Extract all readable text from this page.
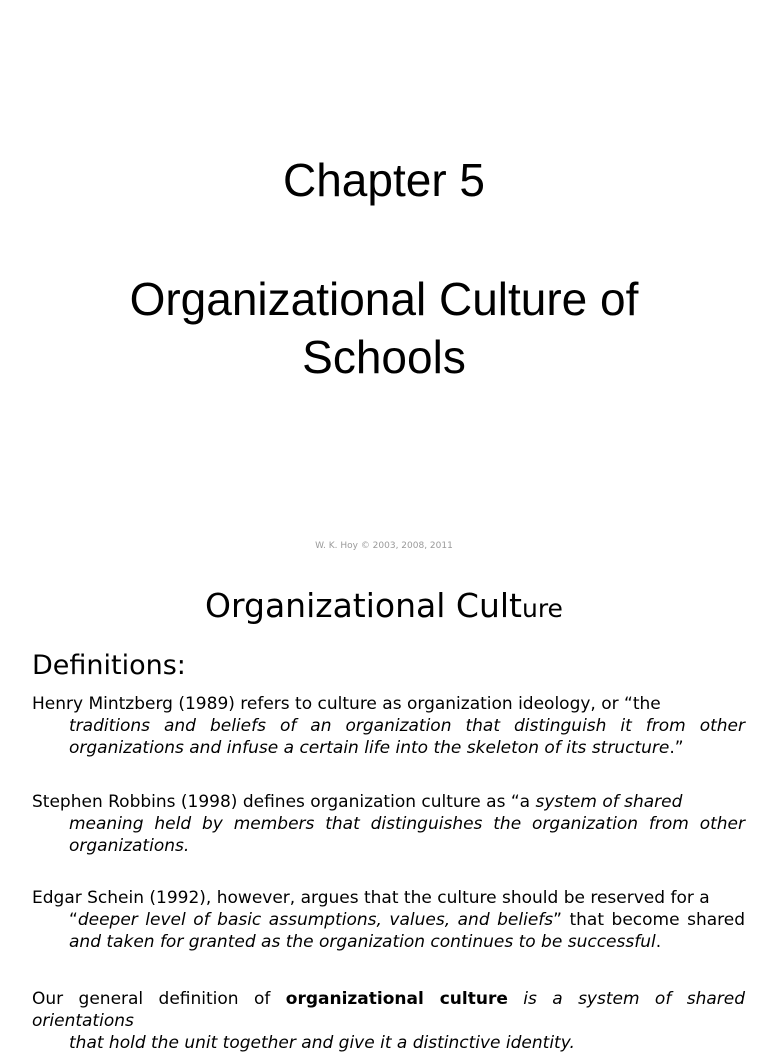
Chapter 5
Organizational Culture of
Schools
W. K. Hoy © 2003, 2008, 2011
Organizational Culture
Definitions:

Henry Mintzberg (1989) refers to culture as organization ideology, or “the
traditions and beliefs of an organization that distinguish it from other organizations and infuse a certain life into the skeleton of its structure.”

Stephen Robbins (1998) defines organization culture as “a system of shared
meaning held by members that distinguishes the organization from other organizations.

Edgar Schein (1992), however, argues that the culture should be reserved for a
“deeper level of basic assumptions, values, and beliefs” that become shared and taken for granted as the organization continues to be successful.

Our general definition of organizational culture is a system of shared orientations
that hold the unit together and give it a distinctive identity.
